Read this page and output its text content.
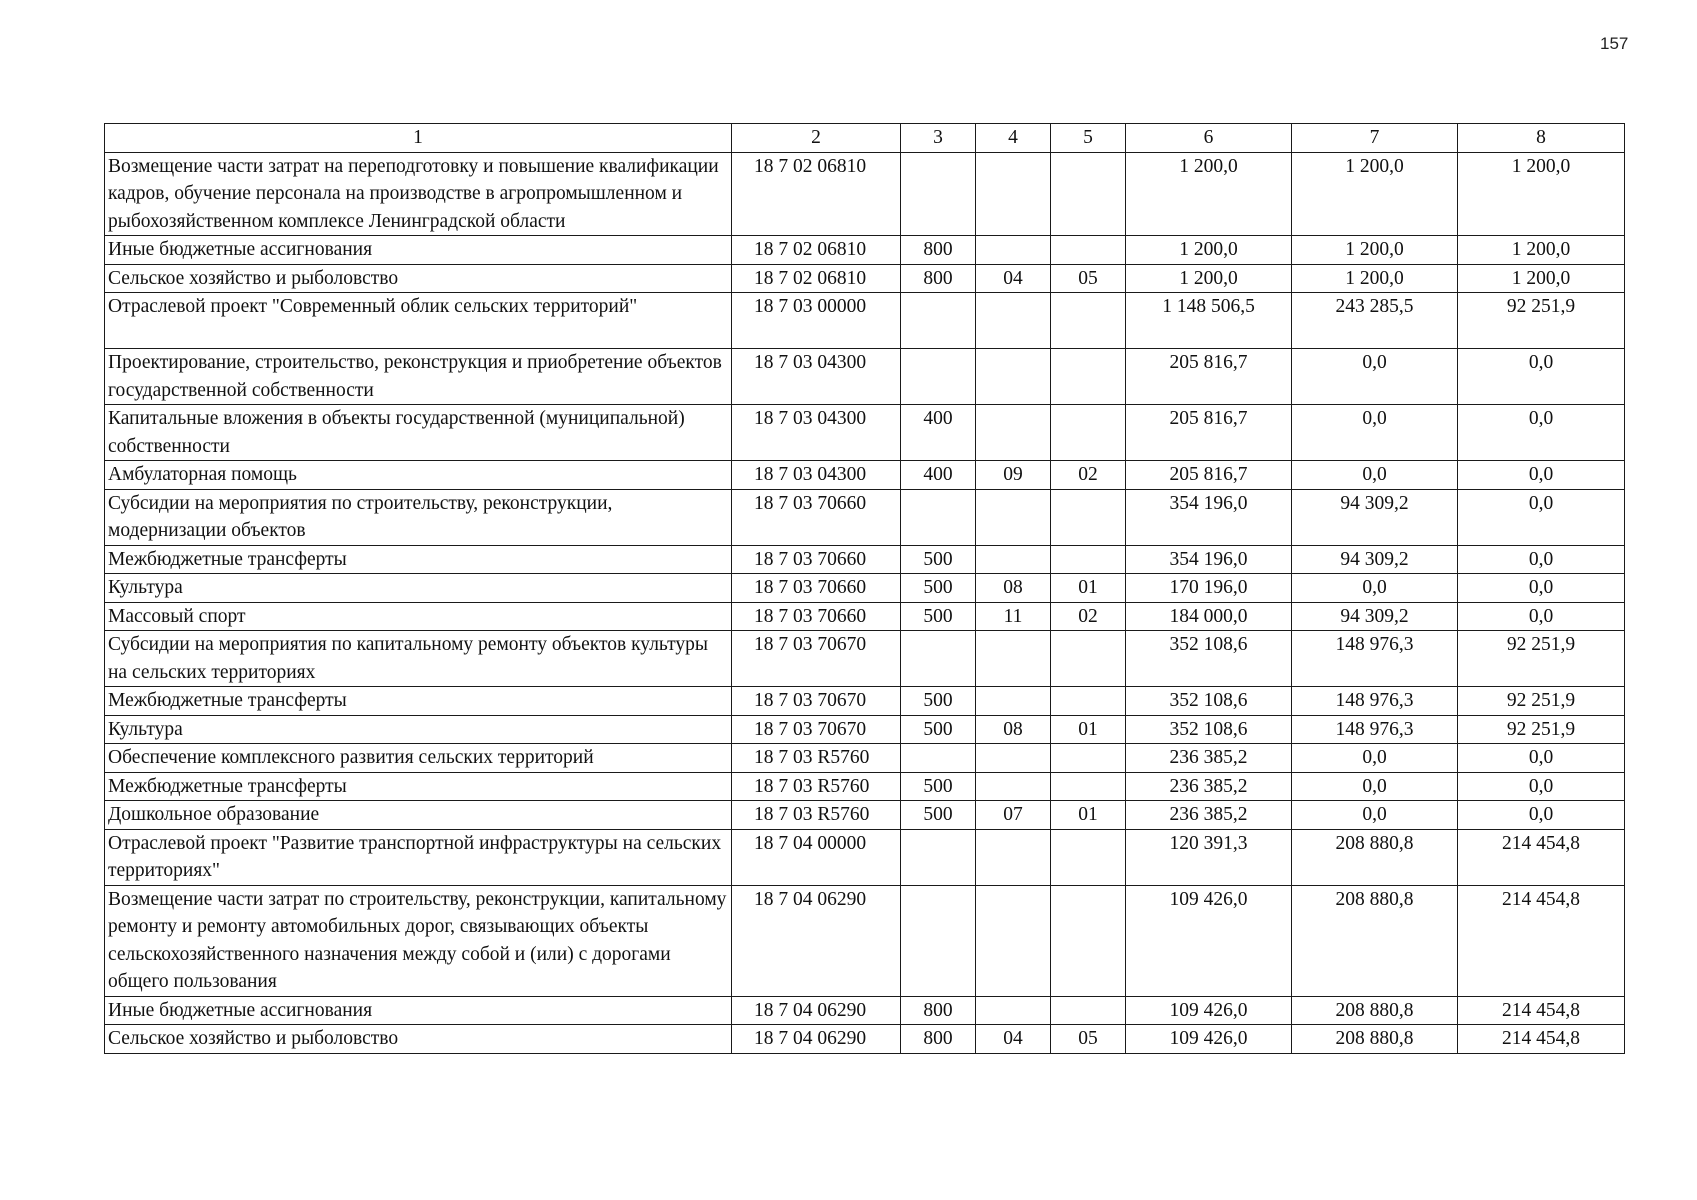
157
1	2	3	4	5	6	7	8
Возмещение части затрат на переподготовку и повышение квалификации кадров, обучение персонала на производстве в агропромышленном и рыбохозяйственном комплексе Ленинградской области	18 7 02 06810				1 200,0	1 200,0	1 200,0
Иные бюджетные ассигнования	18 7 02 06810	800			1 200,0	1 200,0	1 200,0
Сельское хозяйство и рыболовство	18 7 02 06810	800	04	05	1 200,0	1 200,0	1 200,0
Отраслевой проект "Современный облик сельских территорий"	18 7 03 00000				1 148 506,5	243 285,5	92 251,9
Проектирование, строительство, реконструкция и приобретение объектов государственной собственности	18 7 03 04300				205 816,7	0,0	0,0
Капитальные вложения в объекты государственной (муниципальной) собственности	18 7 03 04300	400			205 816,7	0,0	0,0
Амбулаторная помощь	18 7 03 04300	400	09	02	205 816,7	0,0	0,0
Субсидии на мероприятия по строительству, реконструкции, модернизации объектов	18 7 03 70660				354 196,0	94 309,2	0,0
Межбюджетные трансферты	18 7 03 70660	500			354 196,0	94 309,2	0,0
Культура	18 7 03 70660	500	08	01	170 196,0	0,0	0,0
Массовый спорт	18 7 03 70660	500	11	02	184 000,0	94 309,2	0,0
Субсидии на мероприятия по капитальному ремонту объектов культуры на сельских территориях	18 7 03 70670				352 108,6	148 976,3	92 251,9
Межбюджетные трансферты	18 7 03 70670	500			352 108,6	148 976,3	92 251,9
Культура	18 7 03 70670	500	08	01	352 108,6	148 976,3	92 251,9
Обеспечение комплексного развития сельских территорий	18 7 03 R5760				236 385,2	0,0	0,0
Межбюджетные трансферты	18 7 03 R5760	500			236 385,2	0,0	0,0
Дошкольное образование	18 7 03 R5760	500	07	01	236 385,2	0,0	0,0
Отраслевой проект "Развитие транспортной инфраструктуры на сельских территориях"	18 7 04 00000				120 391,3	208 880,8	214 454,8
Возмещение части затрат по строительству, реконструкции, капитальному ремонту и ремонту автомобильных дорог, связывающих объекты сельскохозяйственного назначения между собой и (или) с дорогами общего пользования	18 7 04 06290				109 426,0	208 880,8	214 454,8
Иные бюджетные ассигнования	18 7 04 06290	800			109 426,0	208 880,8	214 454,8
Сельское хозяйство и рыболовство	18 7 04 06290	800	04	05	109 426,0	208 880,8	214 454,8
